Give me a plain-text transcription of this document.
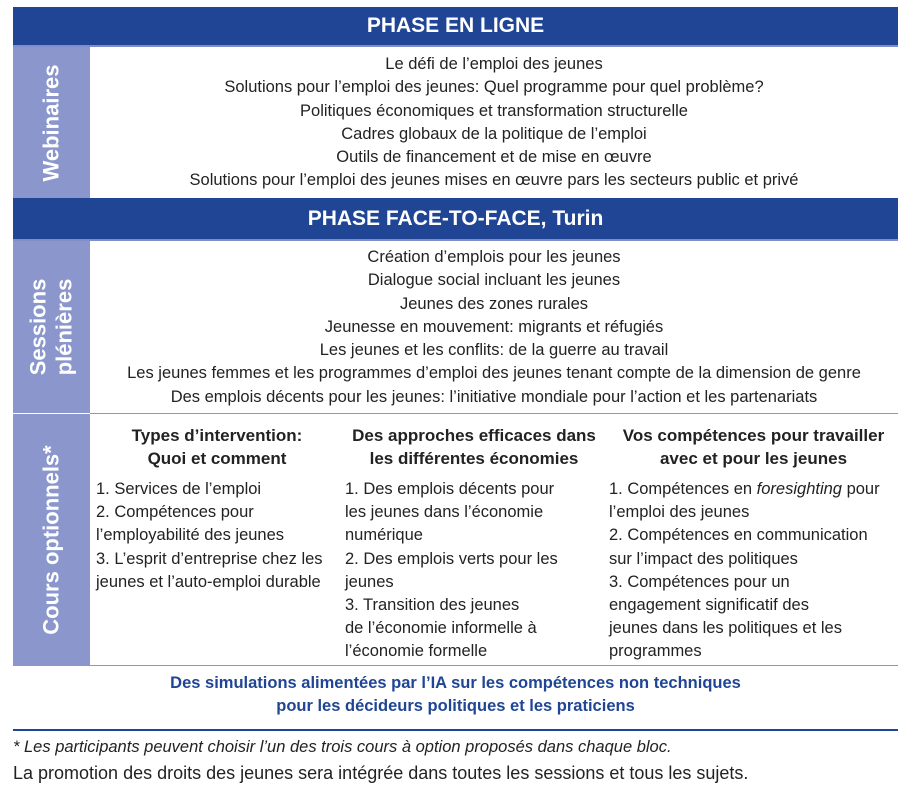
PHASE EN LIGNE
Webinaires
Le défi de l’emploi des jeunes
Solutions pour l’emploi des jeunes: Quel programme pour quel problème?
Politiques économiques et transformation structurelle
Cadres globaux de la politique de l’emploi
Outils de financement et de mise en œuvre
Solutions pour l’emploi des jeunes mises en œuvre pars les secteurs public et privé
PHASE FACE-TO-FACE, Turin
Sessions
plénières
Création d’emplois pour les jeunes
Dialogue social incluant les jeunes
Jeunes des zones rurales
Jeunesse en mouvement: migrants et réfugiés
Les jeunes et les conflits: de la guerre au travail
Les jeunes femmes et les programmes d’emploi des jeunes tenant compte de la dimension de genre
Des emplois décents pour les jeunes: l’initiative mondiale pour l’action et les partenariats
Cours optionnels*
Types d’intervention:
Quoi et comment
1. Services de l’emploi
2. Compétences pour
l’employabilité des jeunes
3. L’esprit d’entreprise chez les
jeunes et l’auto-emploi durable
Des approches efficaces dans
les différentes économies
1. Des emplois décents pour
les jeunes dans l’économie
numérique
2. Des emplois verts pour les
jeunes
3. Transition des jeunes
de l’économie informelle à
l’économie formelle
Vos compétences pour travailler
avec et pour les jeunes
1. Compétences en foresighting pour
l’emploi des jeunes
2. Compétences en communication
sur l’impact des politiques
3. Compétences pour un
engagement significatif des
jeunes dans les politiques et les
programmes
Des simulations alimentées par l’IA sur les compétences non techniques
pour les décideurs politiques et les praticiens
* Les participants peuvent choisir l’un des trois cours à option proposés dans chaque bloc.
La promotion des droits des jeunes sera intégrée dans toutes les sessions et tous les sujets.
